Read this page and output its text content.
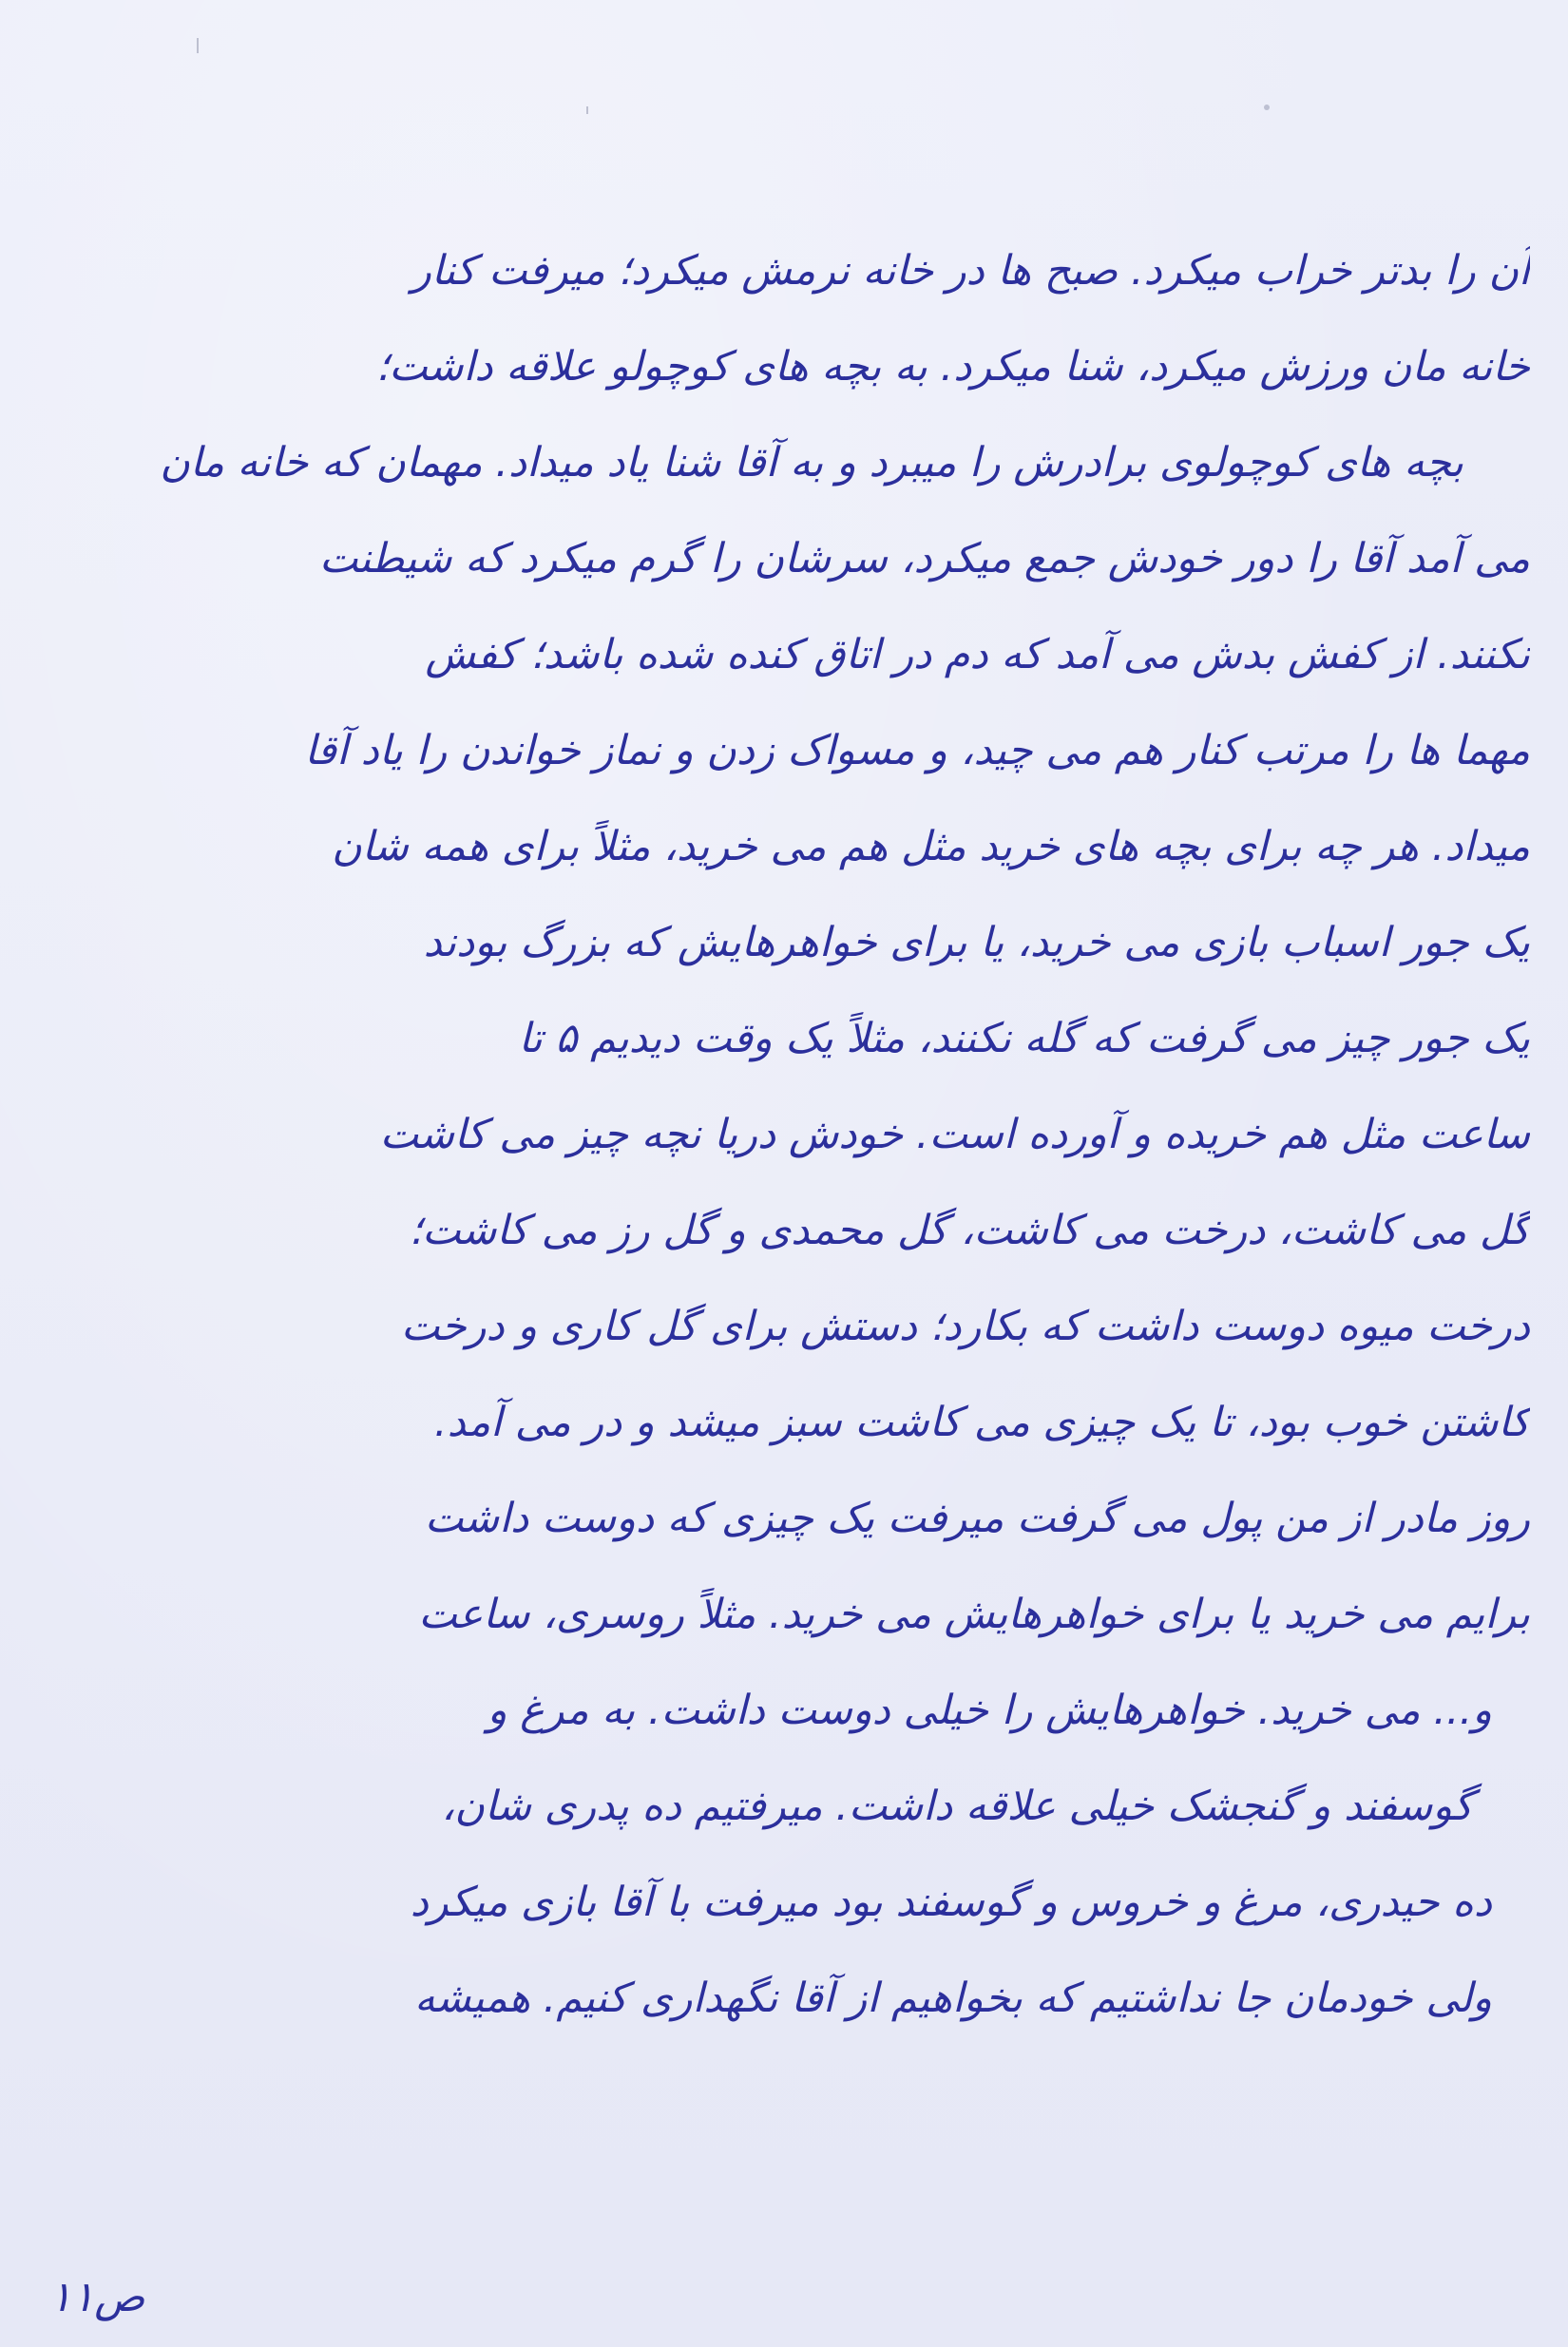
آن را بدتر خراب میکرد. صبح ها در خانه نرمش میکرد؛ میرفت کنار
خانه مان ورزش میکرد، شنا میکرد. به بچه های کوچولو علاقه داشت؛
بچه های کوچولوی برادرش را میبرد و به آقا شنا یاد میداد. مهمان که خانه مان
می آمد آقا را دور خودش جمع میکرد، سرشان را گرم میکرد که شیطنت
نکنند. از کفش بدش می آمد که دم در اتاق کنده شده باشد؛ کفش
مهما ها را مرتب کنار هم می چید، و مسواک زدن و نماز خواندن را یاد آقا
میداد. هر چه برای بچه های خرید مثل هم می خرید، مثلاً برای همه شان
یک جور اسباب بازی می خرید، یا برای خواهرهایش که بزرگ بودند
یک جور چیز می گرفت که گله نکنند، مثلاً یک وقت دیدیم ۵ تا
ساعت مثل هم خریده و آورده است. خودش دریا نچه چیز می کاشت
گل می کاشت، درخت می کاشت، گل محمدی و گل رز می کاشت؛
درخت میوه دوست داشت که بکارد؛ دستش برای گل کاری و درخت
کاشتن خوب بود، تا یک چیزی می کاشت سبز میشد و در می آمد.
روز مادر از من پول می گرفت میرفت یک چیزی که دوست داشت
برایم می خرید یا برای خواهرهایش می خرید. مثلاً روسری، ساعت
و... می خرید. خواهرهایش را خیلی دوست داشت. به مرغ و
گوسفند و گنجشک خیلی علاقه داشت. میرفتیم ده پدری شان،
ده حیدری، مرغ و خروس و گوسفند بود میرفت با آقا بازی میکرد
ولی خودمان جا نداشتیم که بخواهیم از آقا نگهداری کنیم. همیشه
ص۱۱
